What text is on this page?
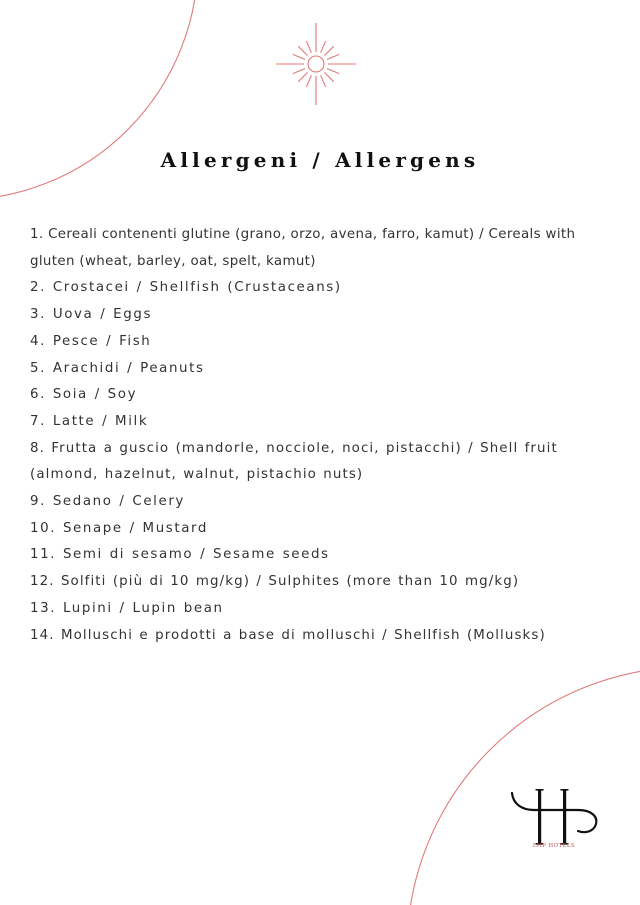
Allergeni / Allergens
1. Cereali contenenti glutine (grano, orzo, avena, farro, kamut) / Cereals with gluten (wheat, barley, oat, spelt, kamut)
2. Crostacei / Shellfish (Crustaceans)
3. Uova / Eggs
4. Pesce / Fish
5. Arachidi / Peanuts
6. Soia / Soy
7. Latte / Milk
8. Frutta a guscio (mandorle, nocciole, noci, pistacchi) / Shell fruit (almond, hazelnut, walnut, pistachio nuts)
9. Sedano / Celery
10. Senape / Mustard
11. Semi di sesamo / Sesame seeds
12. Solfiti (più di 10 mg/kg) / Sulphites (more than 10 mg/kg)
13. Lupini / Lupin bean
14. Molluschi e prodotti a base di molluschi / Shellfish (Mollusks)
LHP HOTELS
